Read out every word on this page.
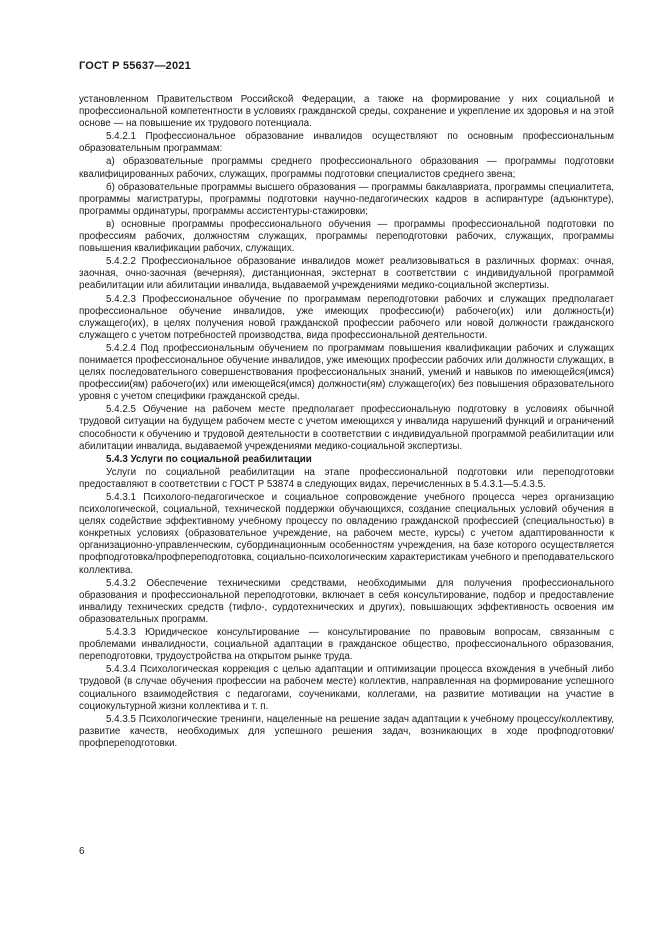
ГОСТ Р 55637—2021

установленном Правительством Российской Федерации, а также на формирование у них социальной и профессиональной компетентности в условиях гражданской среды, сохранение и укрепление их здоровья и на этой основе — на повышение их трудового потенциала.

5.4.2.1 Профессиональное образование инвалидов осуществляют по основным профессиональным образовательным программам:

а) образовательные программы среднего профессионального образования — программы подготовки квалифицированных рабочих, служащих, программы подготовки специалистов среднего звена;

б) образовательные программы высшего образования — программы бакалавриата, программы специалитета, программы магистратуры, программы подготовки научно-педагогических кадров в аспирантуре (адъюнктуре), программы ординатуры, программы ассистентуры-стажировки;

в) основные программы профессионального обучения — программы профессиональной подготовки по профессиям рабочих, должностям служащих, программы переподготовки рабочих, служащих, программы повышения квалификации рабочих, служащих.

5.4.2.2 Профессиональное образование инвалидов может реализовываться в различных формах: очная, заочная, очно-заочная (вечерняя), дистанционная, экстернат в соответствии с индивидуальной программой реабилитации или абилитации инвалида, выдаваемой учреждениями медико-социальной экспертизы.

5.4.2.3 Профессиональное обучение по программам переподготовки рабочих и служащих предполагает профессиональное обучение инвалидов, уже имеющих профессию(и) рабочего(их) или должность(и) служащего(их), в целях получения новой гражданской профессии рабочего или новой должности гражданского служащего с учетом потребностей производства, вида профессиональной деятельности.

5.4.2.4 Под профессиональным обучением по программам повышения квалификации рабочих и служащих понимается профессиональное обучение инвалидов, уже имеющих профессии рабочих или должности служащих, в целях последовательного совершенствования профессиональных знаний, умений и навыков по имеющейся(имся) профессии(ям) рабочего(их) или имеющейся(имся) должности(ям) служащего(их) без повышения образовательного уровня с учетом специфики гражданской среды.

5.4.2.5 Обучение на рабочем месте предполагает профессиональную подготовку в условиях обычной трудовой ситуации на будущем рабочем месте с учетом имеющихся у инвалида нарушений функций и ограничений способности к обучению и трудовой деятельности в соответствии с индивидуальной программой реабилитации или абилитации инвалида, выдаваемой учреждениями медико-социальной экспертизы.

5.4.3 Услуги по социальной реабилитации

Услуги по социальной реабилитации на этапе профессиональной подготовки или переподготовки предоставляют в соответствии с ГОСТ Р 53874 в следующих видах, перечисленных в 5.4.3.1—5.4.3.5.

5.4.3.1 Психолого-педагогическое и социальное сопровождение учебного процесса через организацию психологической, социальной, технической поддержки обучающихся, создание специальных условий обучения в целях содействие эффективному учебному процессу по овладению гражданской профессией (специальностью) в конкретных условиях (образовательное учреждение, на рабочем месте, курсы) с учетом адаптированности к организационно-управленческим, субординационным особенностям учреждения, на базе которого осуществляется профподготовка/профпереподготовка, социально-психологическим характеристикам учебного и преподавательского коллектива.

5.4.3.2 Обеспечение техническими средствами, необходимыми для получения профессионального образования и профессиональной переподготовки, включает в себя консультирование, подбор и предоставление инвалиду технических средств (тифло-, сурдотехнических и других), повышающих эффективность освоения им образовательных программ.

5.4.3.3 Юридическое консультирование — консультирование по правовым вопросам, связанным с проблемами инвалидности, социальной адаптации в гражданское общество, профессионального образования, переподготовки, трудоустройства на открытом рынке труда.

5.4.3.4 Психологическая коррекция с целью адаптации и оптимизации процесса вхождения в учебный либо трудовой (в случае обучения профессии на рабочем месте) коллектив, направленная на формирование успешного социального взаимодействия с педагогами, соучениками, коллегами, на развитие мотивации на участие в социокультурной жизни коллектива и т. п.

5.4.3.5 Психологические тренинги, нацеленные на решение задач адаптации к учебному процессу/коллективу, развитие качеств, необходимых для успешного решения задач, возникающих в ходе профподготовки/профпереподготовки.

6
